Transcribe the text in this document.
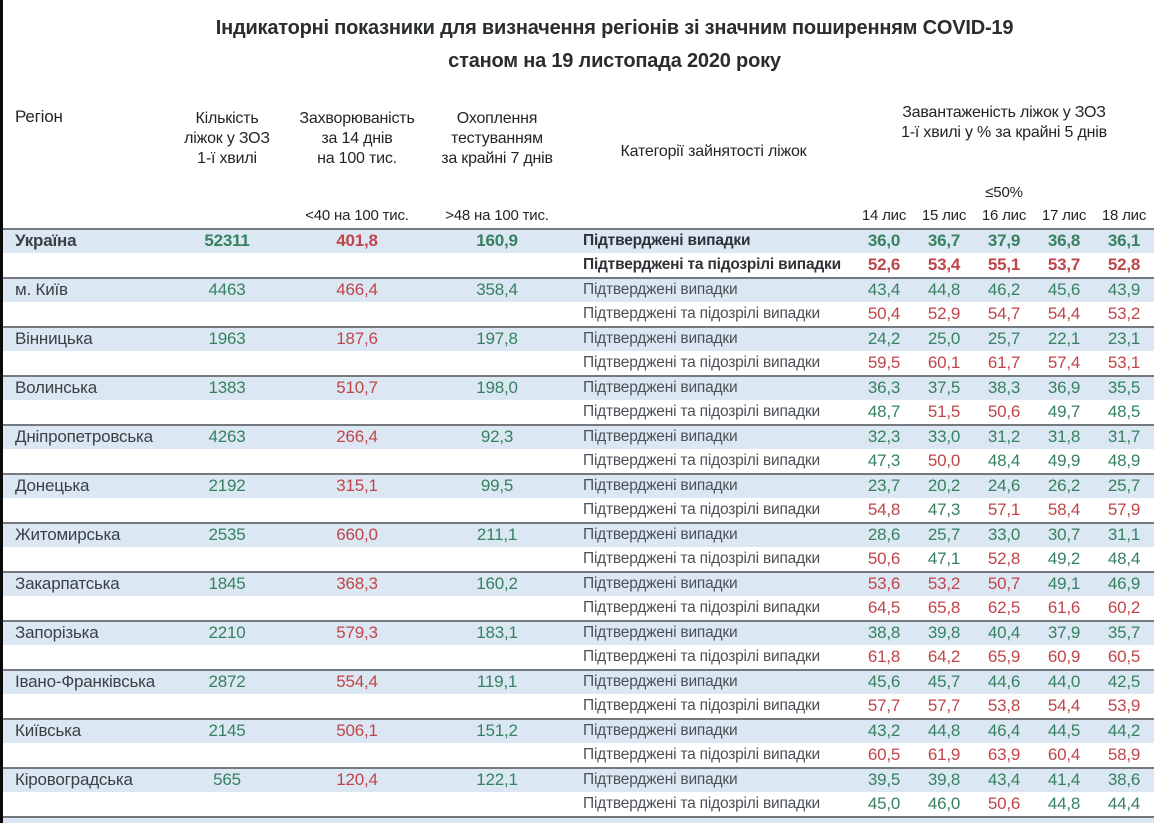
Індикаторні показники для визначення регіонів зі значним поширенням COVID-19
станом на 19 листопада 2020 року
Регіон	Кількість
ліжок у ЗОЗ
1-ї хвилі
Захворюваність
за 14 днів
на 100 тис.
Охоплення
тестуванням
за крайні 7 днів	Категорії зайнятості ліжок
Завантаженість ліжок у ЗОЗ
1-ї хвилі у % за крайні 5 днів
≤50%
<40 на 100 тис.	>48 на 100 тис.	14 лис	15 лис	16 лис	17 лис	18 лис
Україна	52311	401,8	160,9	Підтверджені випадки	36,0	36,7	37,9	36,8	36,1
Підтверджені та підозрілі випадки	52,6	53,4	55,1	53,7	52,8
м. Київ	4463	466,4	358,4	Підтверджені випадки	43,4	44,8	46,2	45,6	43,9
Підтверджені та підозрілі випадки	50,4	52,9	54,7	54,4	53,2
Вінницька	1963	187,6	197,8	Підтверджені випадки	24,2	25,0	25,7	22,1	23,1
Підтверджені та підозрілі випадки	59,5	60,1	61,7	57,4	53,1
Волинська	1383	510,7	198,0	Підтверджені випадки	36,3	37,5	38,3	36,9	35,5
Підтверджені та підозрілі випадки	48,7	51,5	50,6	49,7	48,5
Дніпропетровська	4263	266,4	92,3	Підтверджені випадки	32,3	33,0	31,2	31,8	31,7
Підтверджені та підозрілі випадки	47,3	50,0	48,4	49,9	48,9
Донецька	2192	315,1	99,5	Підтверджені випадки	23,7	20,2	24,6	26,2	25,7
Підтверджені та підозрілі випадки	54,8	47,3	57,1	58,4	57,9
Житомирська	2535	660,0	211,1	Підтверджені випадки	28,6	25,7	33,0	30,7	31,1
Підтверджені та підозрілі випадки	50,6	47,1	52,8	49,2	48,4
Закарпатська	1845	368,3	160,2	Підтверджені випадки	53,6	53,2	50,7	49,1	46,9
Підтверджені та підозрілі випадки	64,5	65,8	62,5	61,6	60,2
Запорізька	2210	579,3	183,1	Підтверджені випадки	38,8	39,8	40,4	37,9	35,7
Підтверджені та підозрілі випадки	61,8	64,2	65,9	60,9	60,5
Івано-Франківська	2872	554,4	119,1	Підтверджені випадки	45,6	45,7	44,6	44,0	42,5
Підтверджені та підозрілі випадки	57,7	57,7	53,8	54,4	53,9
Київська	2145	506,1	151,2	Підтверджені випадки	43,2	44,8	46,4	44,5	44,2
Підтверджені та підозрілі випадки	60,5	61,9	63,9	60,4	58,9
Кіровоградська	565	120,4	122,1	Підтверджені випадки	39,5	39,8	43,4	41,4	38,6
Підтверджені та підозрілі випадки	45,0	46,0	50,6	44,8	44,4
